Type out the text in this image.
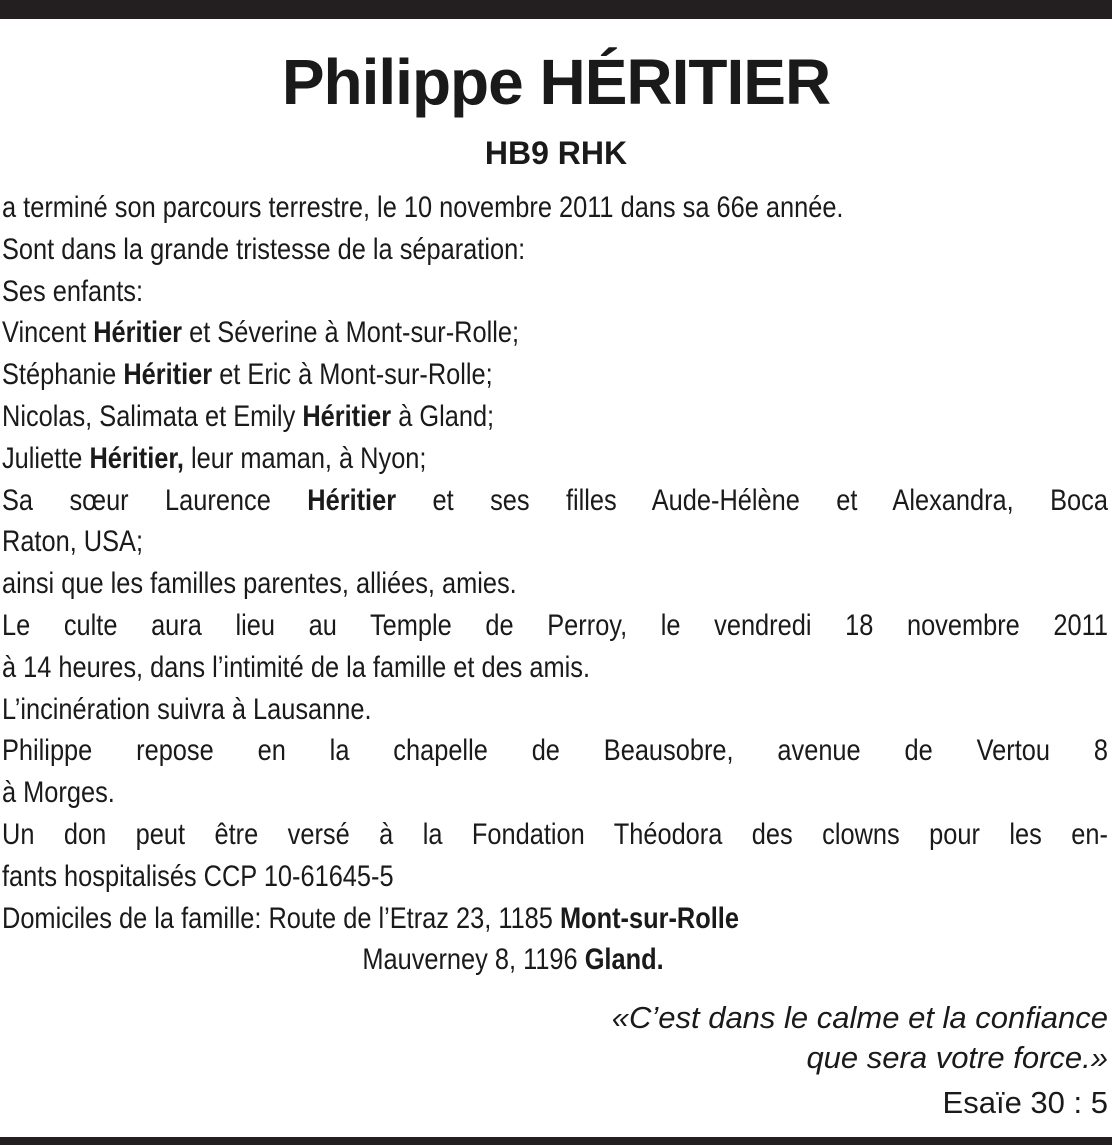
Philippe HÉRITIER
HB9 RHK
a terminé son parcours terrestre, le 10 novembre 2011 dans sa 66e année.
Sont dans la grande tristesse de la séparation:
Ses enfants:
Vincent Héritier et Séverine à Mont-sur-Rolle;
Stéphanie Héritier et Eric à Mont-sur-Rolle;
Nicolas, Salimata et Emily Héritier à Gland;
Juliette Héritier, leur maman, à Nyon;
Sa sœur Laurence Héritier et ses filles Aude-Hélène et Alexandra, Boca
Raton, USA;
ainsi que les familles parentes, alliées, amies.
Le culte aura lieu au Temple de Perroy, le vendredi 18 novembre 2011
à 14 heures, dans l’intimité de la famille et des amis.
L’incinération suivra à Lausanne.
Philippe repose en la chapelle de Beausobre, avenue de Vertou 8
à Morges.
Un don peut être versé à la Fondation Théodora des clowns pour les en-
fants hospitalisés CCP 10-61645-5
Domiciles de la famille: Route de l’Etraz 23, 1185 Mont-sur-Rolle
Mauverney 8, 1196 Gland.
«C’est dans le calme et la confiance
que sera votre force.»
Esaïe 30 : 5
